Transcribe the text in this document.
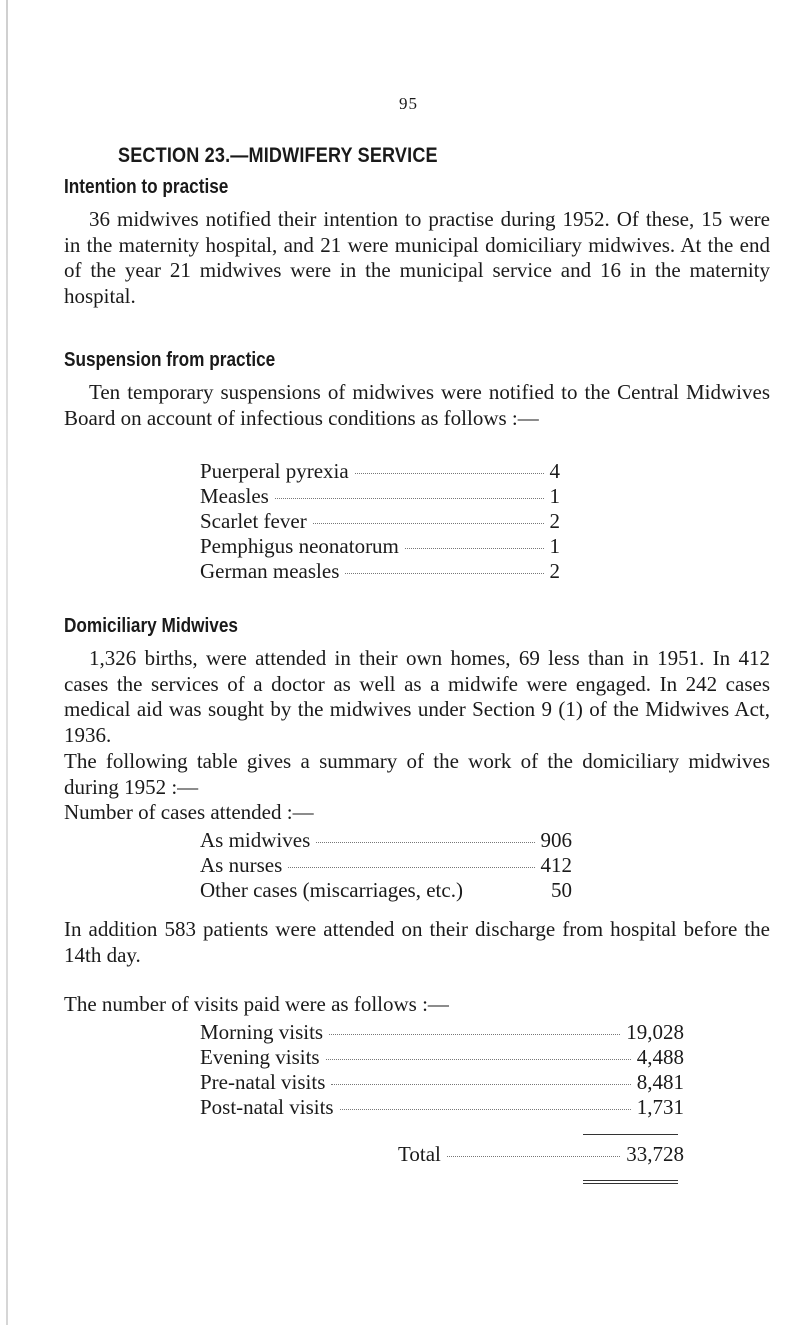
95
SECTION 23.—MIDWIFERY SERVICE
Intention to practise
36 midwives notified their intention to practise during 1952. Of these, 15 were in the maternity hospital, and 21 were municipal domiciliary midwives. At the end of the year 21 midwives were in the municipal service and 16 in the maternity hospital.
Suspension from practice
Ten temporary suspensions of midwives were notified to the Central Midwives Board on account of infectious conditions as follows :—
Puerperal pyrexia	4
Measles	1
Scarlet fever	2
Pemphigus neonatorum	1
German measles	2
Domiciliary Midwives
1,326 births, were attended in their own homes, 69 less than in 1951. In 412 cases the services of a doctor as well as a midwife were engaged. In 242 cases medical aid was sought by the midwives under Section 9 (1) of the Midwives Act, 1936.
The following table gives a summary of the work of the domiciliary midwives during 1952 :—
Number of cases attended :—
As midwives	906
As nurses	412
Other cases (miscarriages, etc.)	50
In addition 583 patients were attended on their discharge from hospital before the 14th day.
The number of visits paid were as follows :—
Morning visits	19,028
Evening visits	4,488
Pre-natal visits	8,481
Post-natal visits	1,731
Total	33,728
